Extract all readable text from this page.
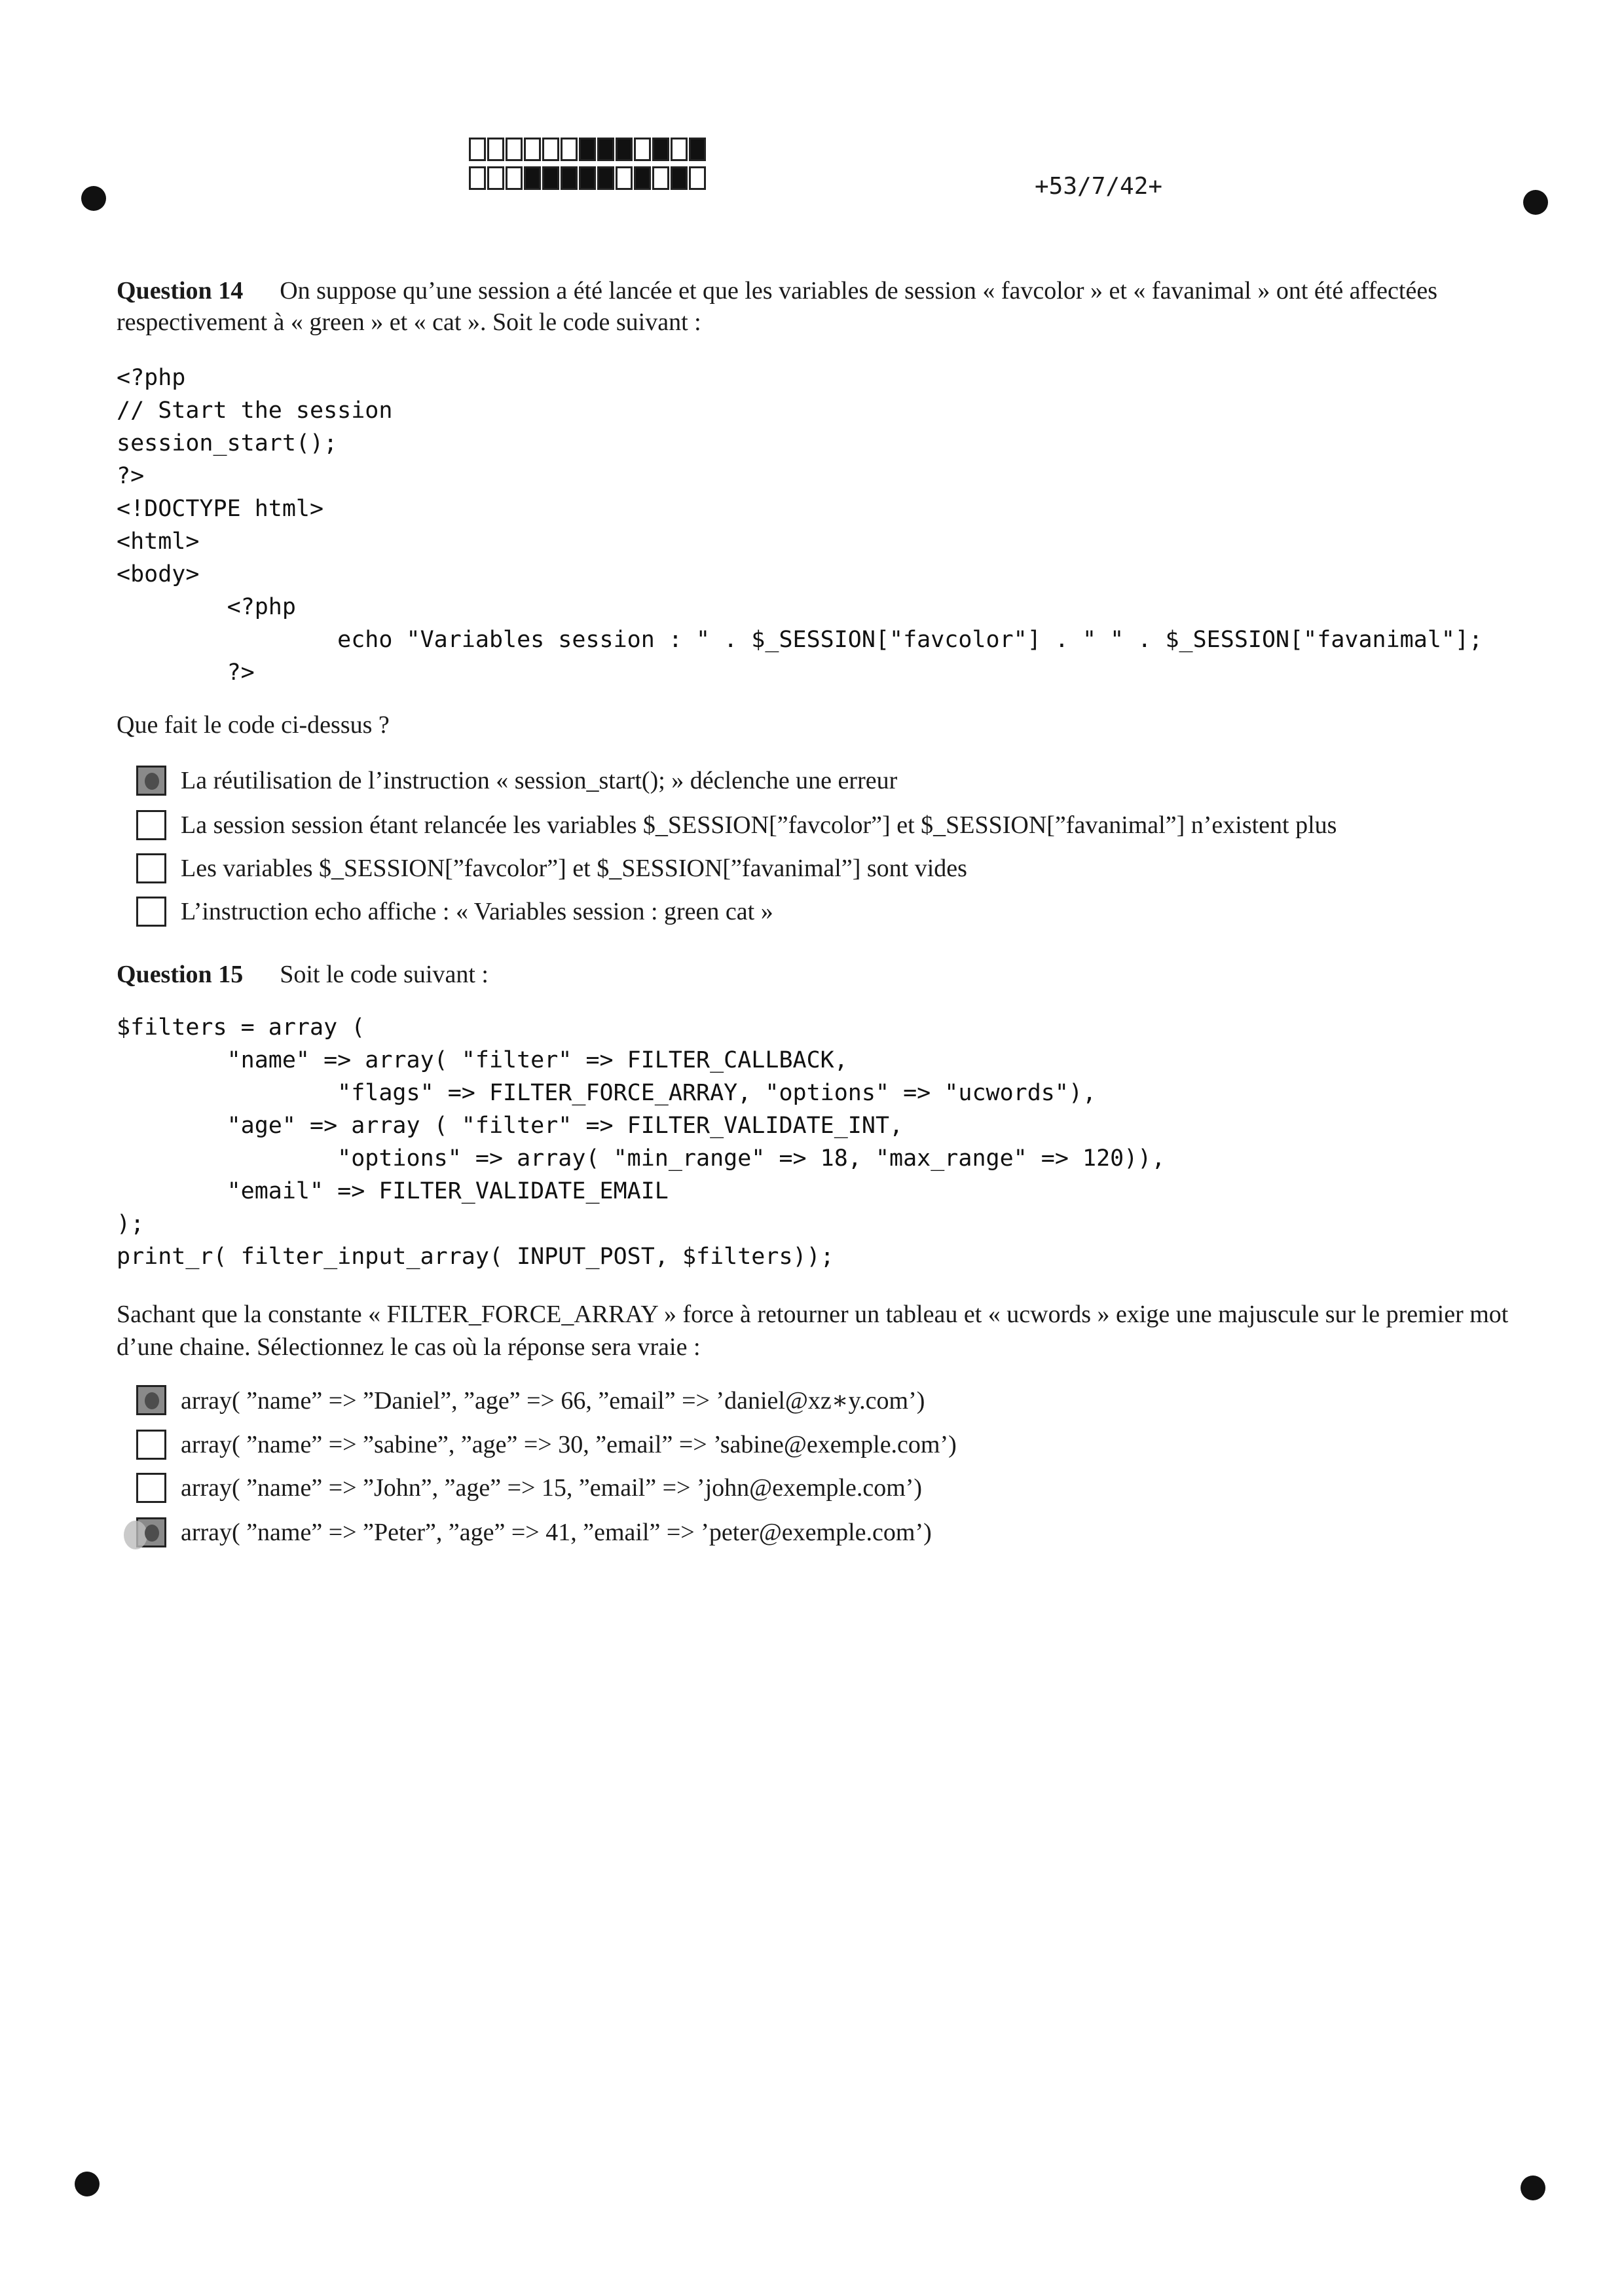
+53/7/42+
Question 14 On suppose qu’une session a été lancée et que les variables de session « favcolor » et « favanimal » ont été affectées respectivement à « green » et « cat ». Soit le code suivant :
<?php
// Start the session
session_start();
?>
<!DOCTYPE html>
<html>
<body>
<?php
echo "Variables session : " . $_SESSION["favcolor"] . " " . $_SESSION["favanimal"];
?>
Que fait le code ci-dessus ?
La réutilisation de l’instruction « session_start(); » déclenche une erreur
La session session étant relancée les variables $_SESSION[”favcolor”] et $_SESSION[”favanimal”] n’existent plus
Les variables $_SESSION[”favcolor”] et $_SESSION[”favanimal”] sont vides
L’instruction echo affiche : « Variables session : green cat »
Question 15 Soit le code suivant :
$filters = array (
"name" => array( "filter" => FILTER_CALLBACK,
"flags" => FILTER_FORCE_ARRAY, "options" => "ucwords"),
"age" => array ( "filter" => FILTER_VALIDATE_INT,
"options" => array( "min_range" => 18, "max_range" => 120)),
"email" => FILTER_VALIDATE_EMAIL
);
print_r( filter_input_array( INPUT_POST, $filters));
Sachant que la constante « FILTER_FORCE_ARRAY » force à retourner un tableau et « ucwords » exige une majuscule sur le premier mot d’une chaine. Sélectionnez le cas où la réponse sera vraie :
array( ”name” => ”Daniel”, ”age” => 66, ”email” => ’daniel@xz∗y.com’)
array( ”name” => ”sabine”, ”age” => 30, ”email” => ’sabine@exemple.com’)
array( ”name” => ”John”, ”age” => 15, ”email” => ’john@exemple.com’)
array( ”name” => ”Peter”, ”age” => 41, ”email” => ’peter@exemple.com’)
